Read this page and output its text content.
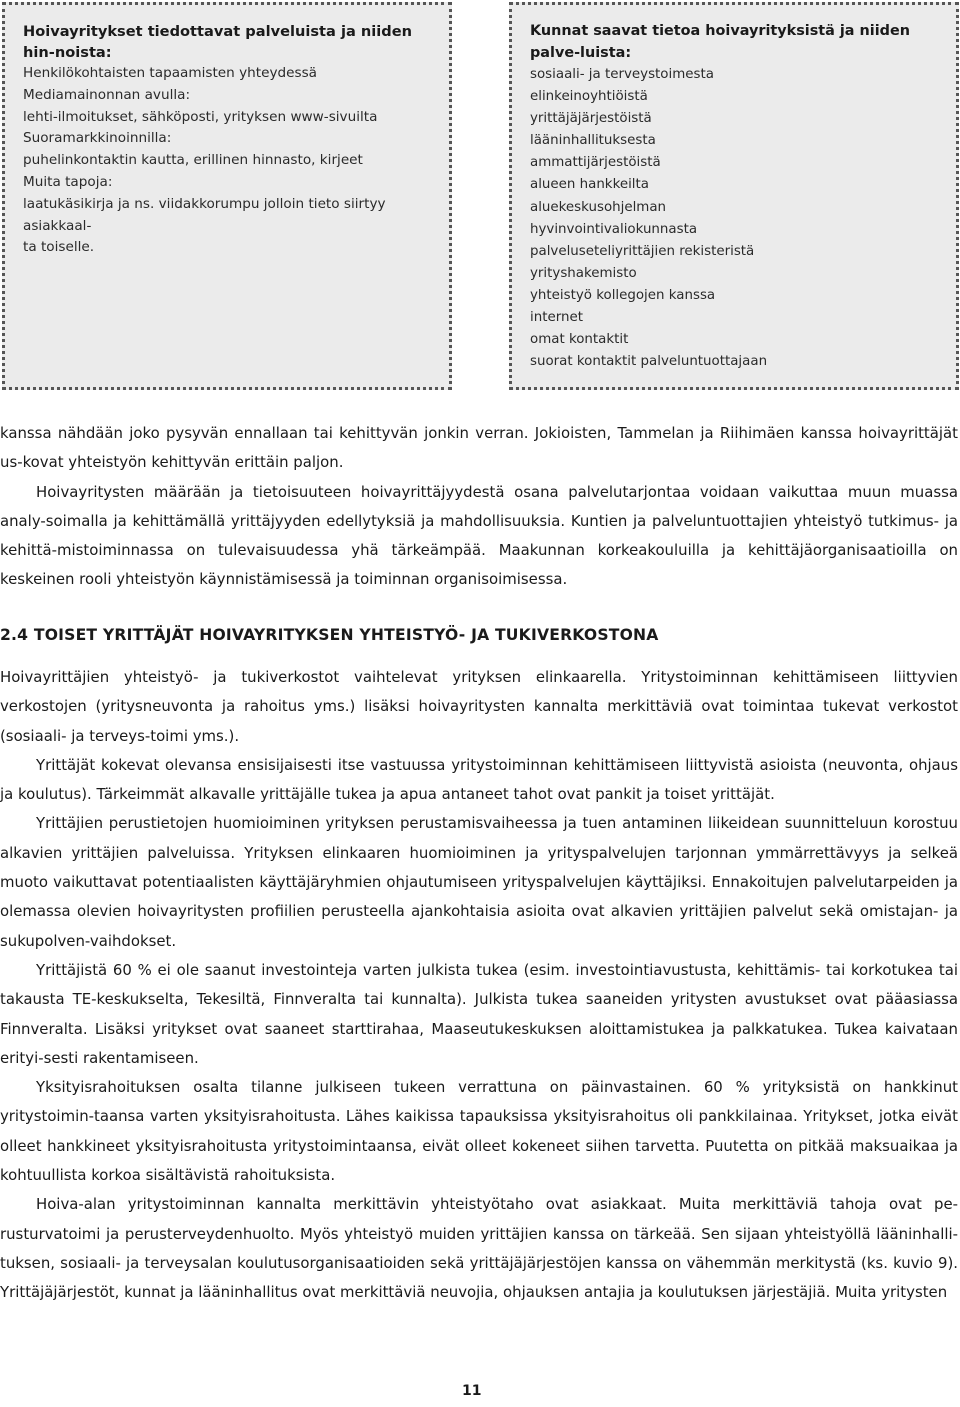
Hoivayritykset tiedottavat palveluista ja niiden hin-noista:

Henkilökohtaisten tapaamisten yhteydessä

Mediamainonnan avulla:

lehti-ilmoitukset, sähköposti, yrityksen www-sivuilta

Suoramarkkinoinnilla:

puhelinkontaktin kautta, erillinen hinnasto, kirjeet

Muita tapoja:

laatukäsikirja ja ns. viidakkorumpu jolloin tieto siirtyy asiakkaal-

ta toiselle.

Kunnat saavat tietoa hoivayrityksistä ja niiden palve-luista:

sosiaali- ja terveystoimesta

elinkeinoyhtiöistä

yrittäjäjärjestöistä

lääninhallituksesta

ammattijärjestöistä

alueen hankkeilta

aluekeskusohjelman

hyvinvointivaliokunnasta

palveluseteliyrittäjien rekisteristä

yrityshakemisto

yhteistyö kollegojen kanssa

internet

omat kontaktit

suorat kontaktit palveluntuottajaan

kanssa nähdään joko pysyvän ennallaan tai kehittyvän jonkin verran. Jokioisten, Tammelan ja Riihimäen kanssa hoivayrittäjät us-kovat yhteistyön kehittyvän erittäin paljon.

Hoivayritysten määrään ja tietoisuuteen hoivayrittäjyydestä osana palvelutarjontaa voidaan vaikuttaa muun muassa analy-soimalla ja kehittämällä yrittäjyyden edellytyksiä ja mahdollisuuksia. Kuntien ja palveluntuottajien yhteistyö tutkimus- ja kehittä-mistoiminnassa on tulevaisuudessa yhä tärkeämpää. Maakunnan korkeakouluilla ja kehittäjäorganisaatioilla on keskeinen rooli yhteistyön käynnistämisessä ja toiminnan organisoimisessa.

2.4 TOISET YRITTÄJÄT HOIVAYRITYKSEN YHTEISTYÖ- JA TUKIVERKOSTONA

Hoivayrittäjien yhteistyö- ja tukiverkostot vaihtelevat yrityksen elinkaarella. Yritystoiminnan kehittämiseen liittyvien verkostojen (yritysneuvonta ja rahoitus yms.) lisäksi hoivayritysten kannalta merkittäviä ovat toimintaa tukevat verkostot (sosiaali- ja terveys-toimi yms.).

Yrittäjät kokevat olevansa ensisijaisesti itse vastuussa yritystoiminnan kehittämiseen liittyvistä asioista (neuvonta, ohjaus ja koulutus). Tärkeimmät alkavalle yrittäjälle tukea ja apua antaneet tahot ovat pankit ja toiset yrittäjät.

Yrittäjien perustietojen huomioiminen yrityksen perustamisvaiheessa ja tuen antaminen liikeidean suunnitteluun korostuu alkavien yrittäjien palveluissa. Yrityksen elinkaaren huomioiminen ja yrityspalvelujen tarjonnan ymmärrettävyys ja selkeä muoto vaikuttavat potentiaalisten käyttäjäryhmien ohjautumiseen yrityspalvelujen käyttäjiksi. Ennakoitujen palvelutarpeiden ja olemassa olevien hoivayritysten profiilien perusteella ajankohtaisia asioita ovat alkavien yrittäjien palvelut sekä omistajan- ja sukupolven-vaihdokset.

Yrittäjistä 60 % ei ole saanut investointeja varten julkista tukea (esim. investointiavustusta, kehittämis- tai korkotukea tai takausta TE-keskukselta, Tekesiltä, Finnveralta tai kunnalta). Julkista tukea saaneiden yritysten avustukset ovat pääasiassa Finnveralta. Lisäksi yritykset ovat saaneet starttirahaa, Maaseutukeskuksen aloittamistukea ja palkkatukea. Tukea kaivataan erityi-sesti rakentamiseen.

Yksityisrahoituksen osalta tilanne julkiseen tukeen verrattuna on päinvastainen. 60 % yrityksistä on hankkinut yritystoimin-taansa varten yksityisrahoitusta. Lähes kaikissa tapauksissa yksityisrahoitus oli pankkilainaa. Yritykset, jotka eivät olleet hankkineet yksityisrahoitusta yritystoimintaansa, eivät olleet kokeneet siihen tarvetta. Puutetta on pitkää maksuaikaa ja kohtuullista korkoa sisältävistä rahoituksista.

Hoiva-alan yritystoiminnan kannalta merkittävin yhteistyötaho ovat asiakkaat. Muita merkittäviä tahoja ovat pe-rusturvatoimi ja perusterveydenhuolto. Myös yhteistyö muiden yrittäjien kanssa on tärkeää. Sen sijaan yhteistyöllä lääninhalli-tuksen, sosiaali- ja terveysalan koulutusorganisaatioiden sekä yrittäjäjärjestöjen kanssa on vähemmän merkitystä (ks. kuvio 9). Yrittäjäjärjestöt, kunnat ja lääninhallitus ovat merkittäviä neuvojia, ohjauksen antajia ja koulutuksen järjestäjiä. Muita yritysten

11
